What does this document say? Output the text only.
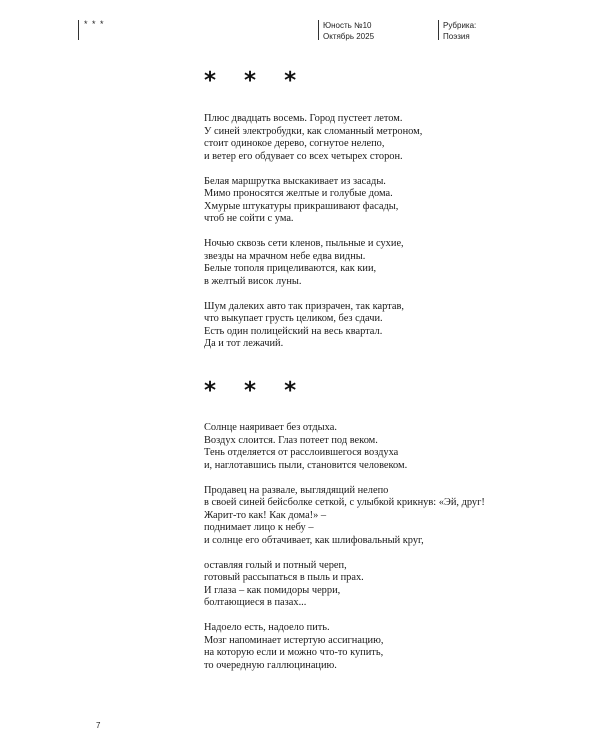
* * *	Юность №10
Октябрь 2025
Рубрика:
Поэзия
* * *
Плюс двадцать восемь. Город пустеет летом.
У синей электробудки, как сломанный метроном,
стоит одинокое дерево, согнутое нелепо,
и ветер его обдувает со всех четырех сторон.
Белая маршрутка выскакивает из засады.
Мимо проносятся желтые и голубые дома.
Хмурые штукатуры прикрашивают фасады,
чтоб не сойти с ума.
Ночью сквозь сети кленов, пыльные и сухие,
звезды на мрачном небе едва видны.
Белые тополя прицеливаются, как кии,
в желтый висок луны.
Шум далеких авто так призрачен, так картав,
что выкупает грусть целиком, без сдачи.
Есть один полицейский на весь квартал.
Да и тот лежачий.
* * *
Солнце наяривает без отдыха.
Воздух слоится. Глаз потеет под веком.
Тень отделяется от расслоившегося воздуха
и, наглотавшись пыли, становится человеком.
Продавец на развале, выглядящий нелепо
в своей синей бейсболке сеткой, с улыбкой крикнув: «Эй, друг!
Жарит-то как! Как дома!» –
поднимает лицо к небу –
и солнце его обтачивает, как шлифовальный круг,
оставляя голый и потный череп,
готовый рассыпаться в пыль и прах.
И глаза – как помидоры черри,
болтающиеся в пазах...
Надоело есть, надоело пить.
Мозг напоминает истертую ассигнацию,
на которую если и можно что-то купить,
то очередную галлюцинацию.
7
